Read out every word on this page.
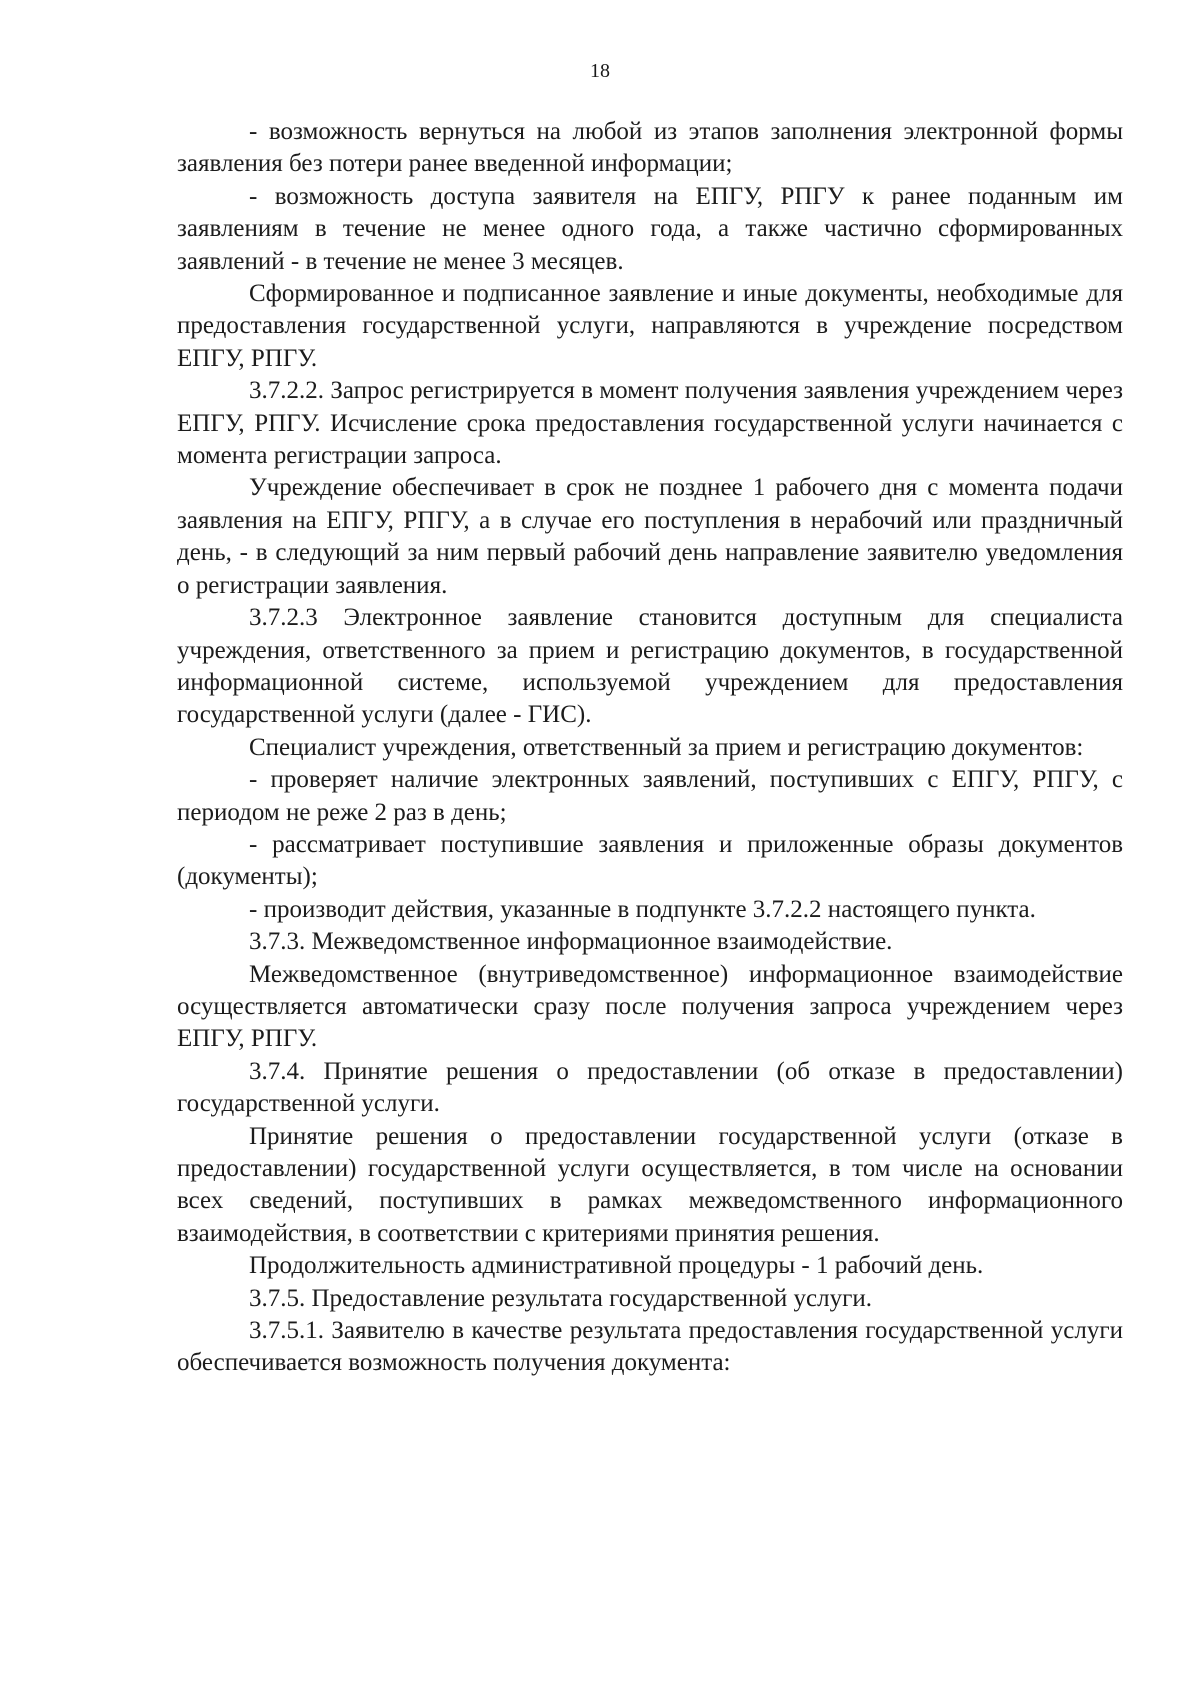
18

- возможность вернуться на любой из этапов заполнения электронной формы заявления без потери ранее введенной информации;

- возможность доступа заявителя на ЕПГУ, РПГУ к ранее поданным им заявлениям в течение не менее одного года, а также частично сформированных заявлений - в течение не менее 3 месяцев.

Сформированное и подписанное заявление и иные документы, необходимые для предоставления государственной услуги, направляются в учреждение посредством ЕПГУ, РПГУ.

3.7.2.2. Запрос регистрируется в момент получения заявления учреждением через ЕПГУ, РПГУ. Исчисление срока предоставления государственной услуги начинается с момента регистрации запроса.

Учреждение обеспечивает в срок не позднее 1 рабочего дня с момента подачи заявления на ЕПГУ, РПГУ, а в случае его поступления в нерабочий или праздничный день, - в следующий за ним первый рабочий день направление заявителю уведомления о регистрации заявления.

3.7.2.3 Электронное заявление становится доступным для специалиста учреждения, ответственного за прием и регистрацию документов, в государственной информационной системе, используемой учреждением для предоставления государственной услуги (далее - ГИС).

Специалист учреждения, ответственный за прием и регистрацию документов:

- проверяет наличие электронных заявлений, поступивших с ЕПГУ, РПГУ, с периодом не реже 2 раз в день;

- рассматривает поступившие заявления и приложенные образы документов (документы);

- производит действия, указанные в подпункте 3.7.2.2 настоящего пункта.

3.7.3. Межведомственное информационное взаимодействие.

Межведомственное (внутриведомственное) информационное взаимодействие осуществляется автоматически сразу после получения запроса учреждением через ЕПГУ, РПГУ.

3.7.4. Принятие решения о предоставлении (об отказе в предоставлении) государственной услуги.

Принятие решения о предоставлении государственной услуги (отказе в предоставлении) государственной услуги осуществляется, в том числе на основании всех сведений, поступивших в рамках межведомственного информационного взаимодействия, в соответствии с критериями принятия решения.

Продолжительность административной процедуры - 1 рабочий день.

3.7.5. Предоставление результата государственной услуги.

3.7.5.1. Заявителю в качестве результата предоставления государственной услуги обеспечивается возможность получения документа:
